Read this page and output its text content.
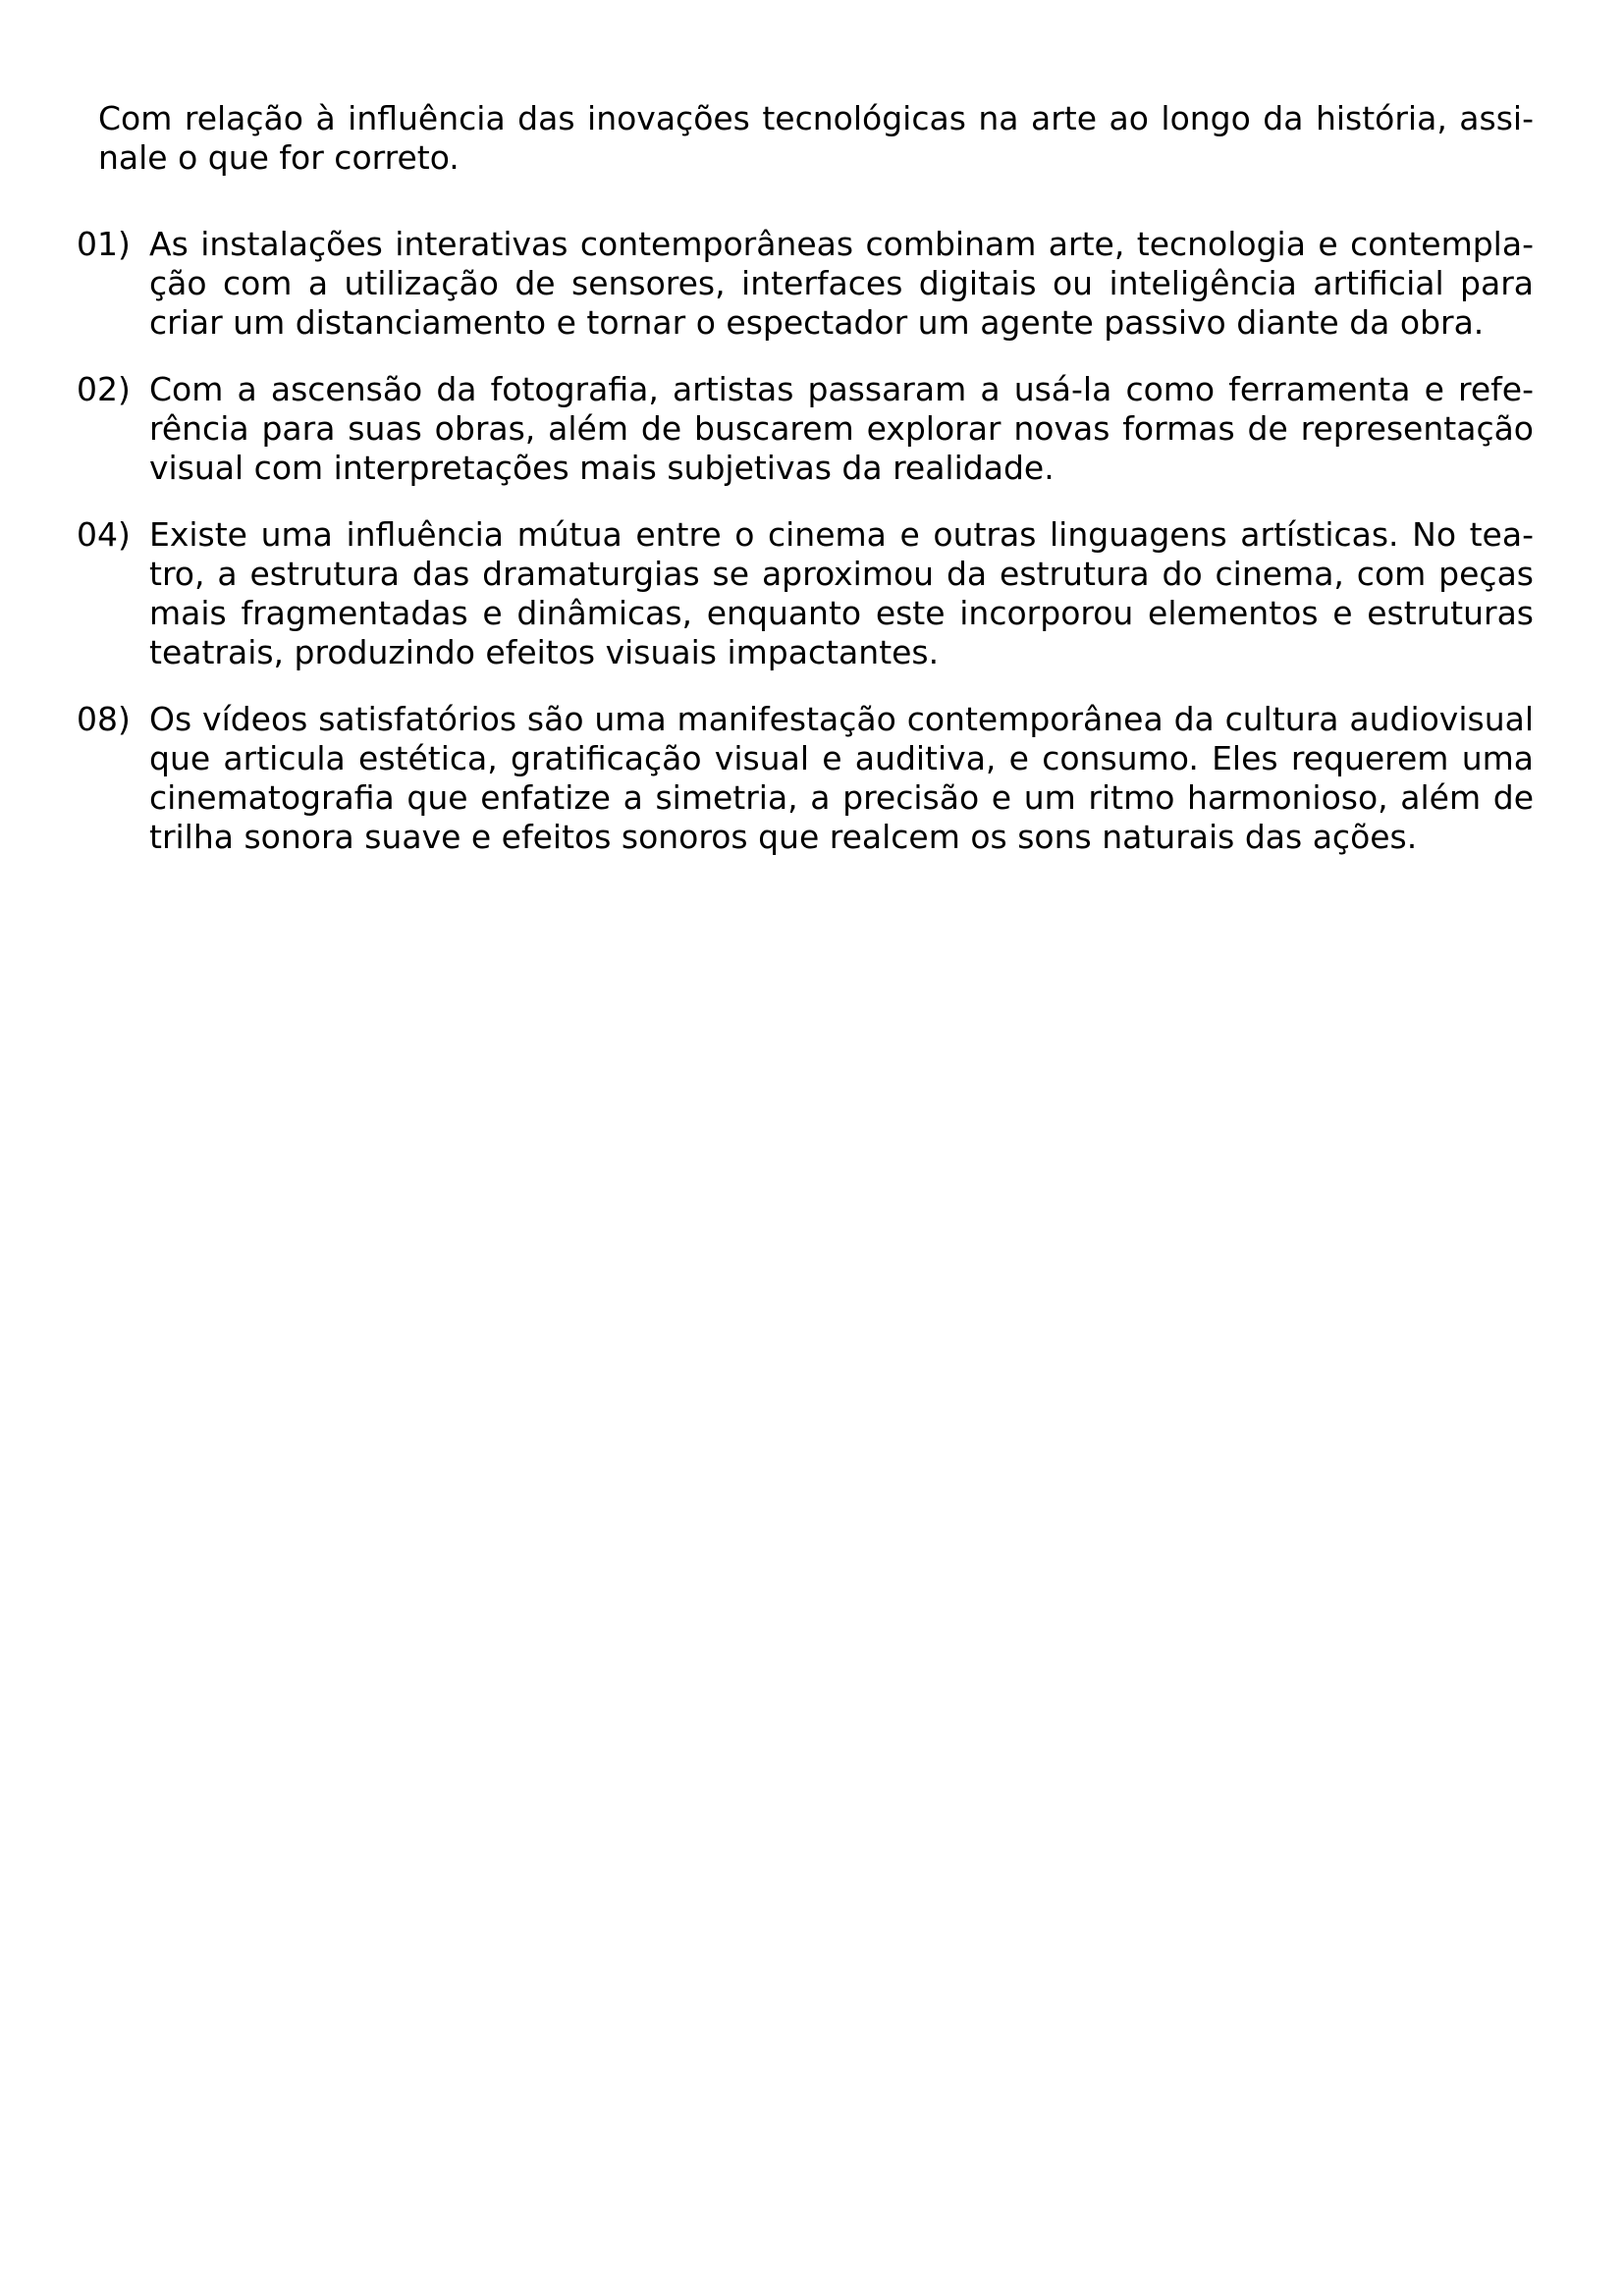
Com relação à influência das inovações tecnológicas na arte ao longo da história, assinale o que for correto.

01) As instalações interativas contemporâneas combinam arte, tecnologia e contemplação com a utilização de sensores, interfaces digitais ou inteligência artificial para criar um distanciamento e tornar o espectador um agente passivo diante da obra.
02) Com a ascensão da fotografia, artistas passaram a usá-la como ferramenta e referência para suas obras, além de buscarem explorar novas formas de representação visual com interpretações mais subjetivas da realidade.
04) Existe uma influência mútua entre o cinema e outras linguagens artísticas. No teatro, a estrutura das dramaturgias se aproximou da estrutura do cinema, com peças mais fragmentadas e dinâmicas, enquanto este incorporou elementos e estruturas teatrais, produzindo efeitos visuais impactantes.
08) Os vídeos satisfatórios são uma manifestação contemporânea da cultura audiovisual que articula estética, gratificação visual e auditiva, e consumo. Eles requerem uma cinematografia que enfatize a simetria, a precisão e um ritmo harmonioso, além de trilha sonora suave e efeitos sonoros que realcem os sons naturais das ações.
